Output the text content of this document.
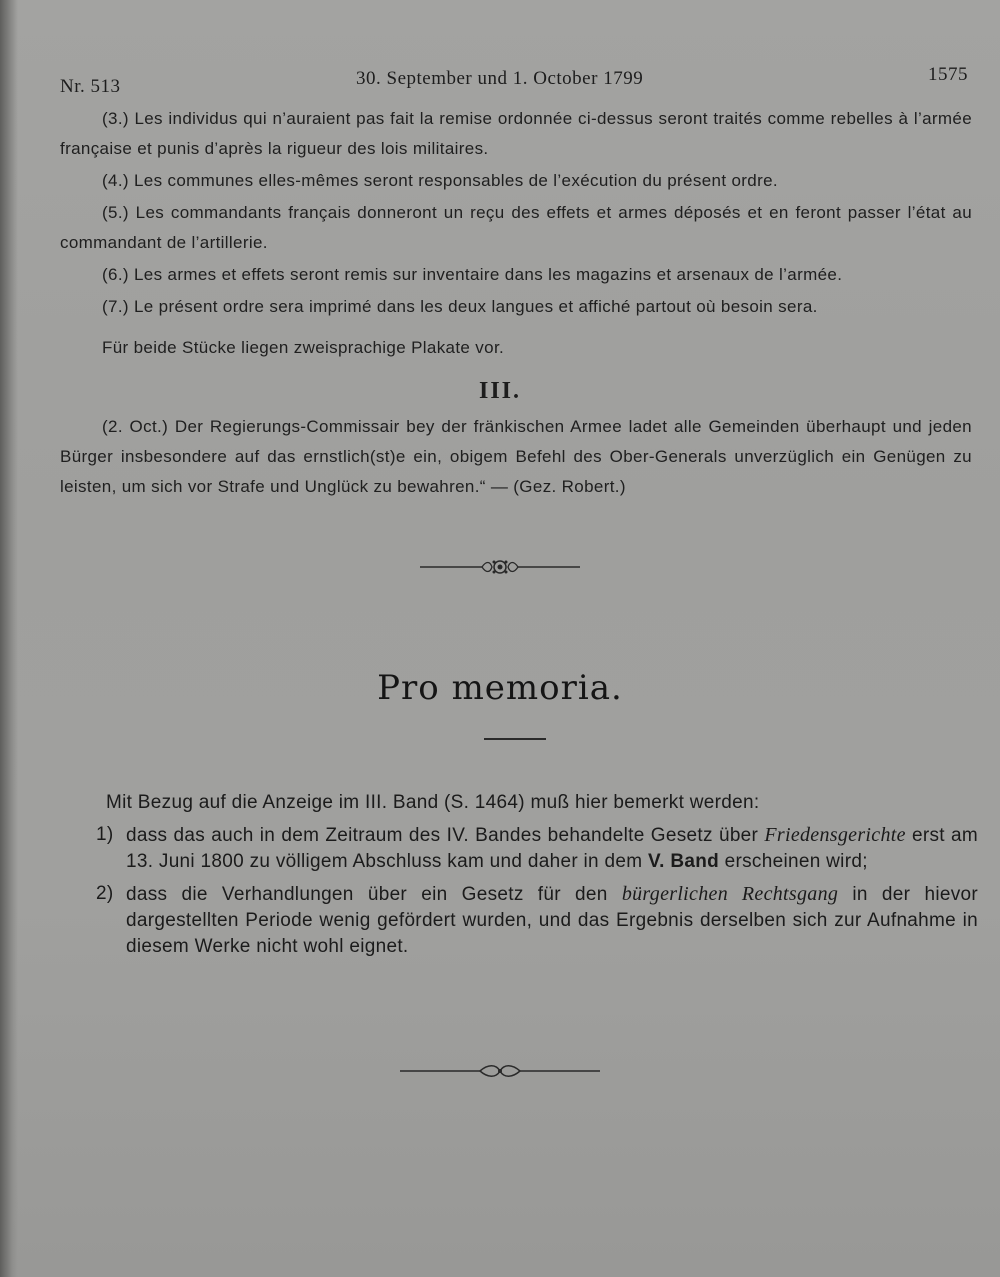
Nr. 513	30. September und 1. October 1799	1575

(3.) Les individus qui n’auraient pas fait la remise ordonnée ci-dessus seront traités comme rebelles à l’armée française et punis d’après la rigueur des lois militaires.

(4.) Les communes elles-mêmes seront responsables de l’exécution du présent ordre.

(5.) Les commandants français donneront un reçu des effets et armes déposés et en feront passer l’état au commandant de l’artillerie.

(6.) Les armes et effets seront remis sur inventaire dans les magazins et arsenaux de l’armée.

(7.) Le présent ordre sera imprimé dans les deux langues et affiché partout où besoin sera.

Für beide Stücke liegen zweisprachige Plakate vor.

III.

(2. Oct.) Der Regierungs-Commissair bey der fränkischen Armee ladet alle Gemeinden überhaupt und jeden Bürger insbesondere auf das ernstlich(st)e ein, obigem Befehl des Ober-Generals unverzüglich ein Genügen zu leisten, um sich vor Strafe und Unglück zu bewahren.“ — (Gez. Robert.)

Pro memoria.
Mit Bezug auf die Anzeige im III. Band (S. 1464) muß hier bemerkt werden:
1) dass das auch in dem Zeitraum des IV. Bandes behandelte Gesetz über Friedensgerichte erst am 13. Juni 1800 zu völligem Abschluss kam und daher in dem V. Band erscheinen wird;
2) dass die Verhandlungen über ein Gesetz für den bürgerlichen Rechtsgang in der hievor dargestellten Periode wenig gefördert wurden, und das Ergebnis derselben sich zur Aufnahme in diesem Werke nicht wohl eignet.
